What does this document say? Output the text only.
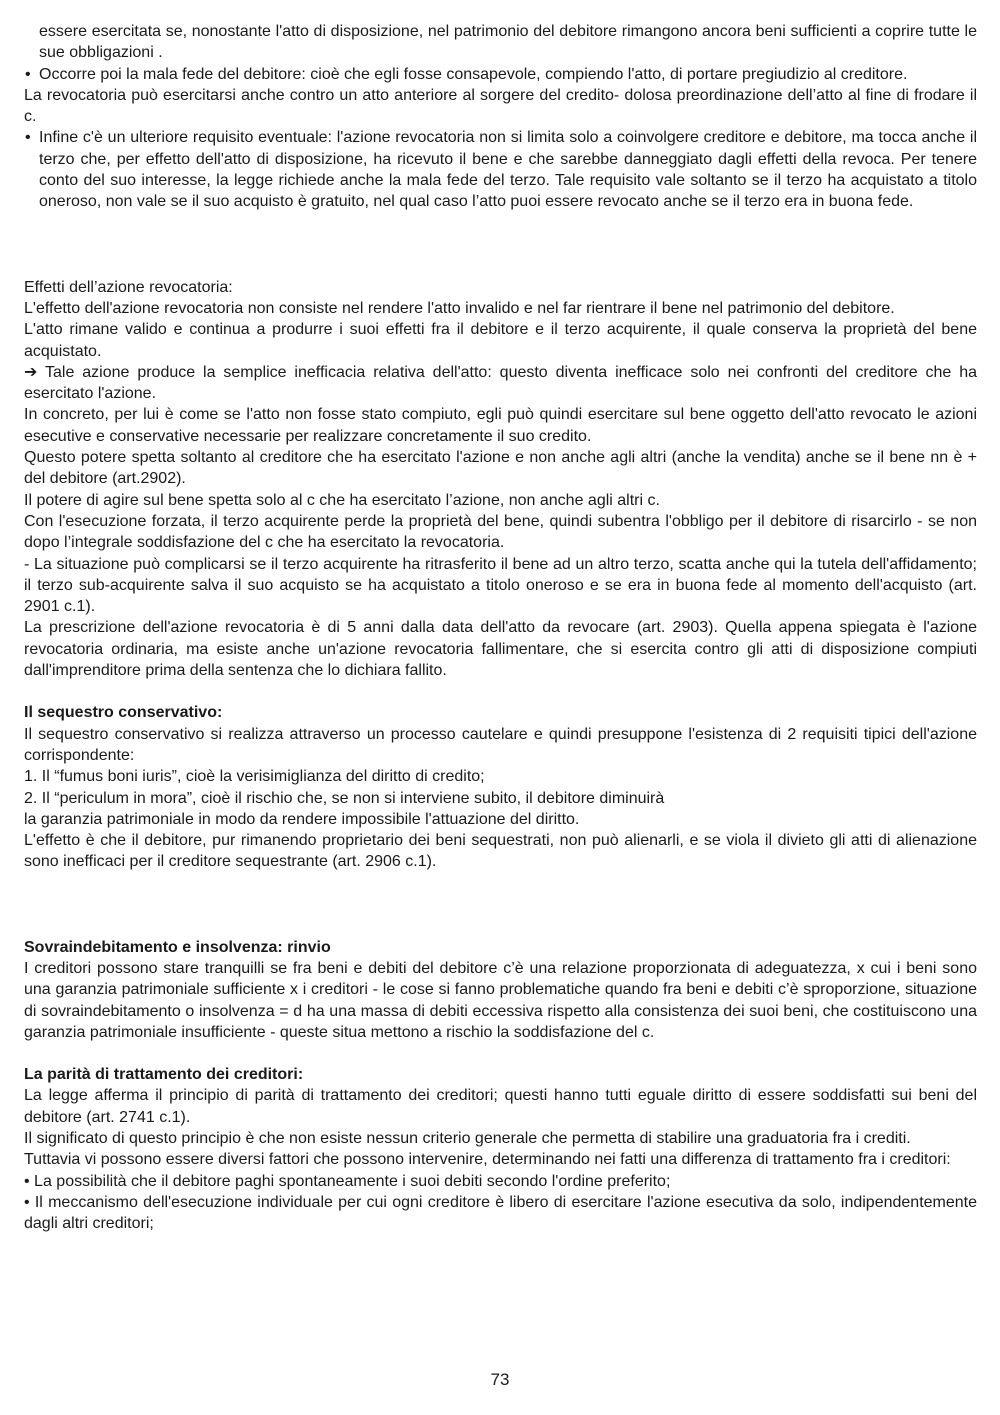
essere esercitata se, nonostante l'atto di disposizione, nel patrimonio del debitore rimangono ancora beni sufficienti a coprire tutte le sue obbligazioni .

• Occorre poi la mala fede del debitore: cioè che egli fosse consapevole, compiendo l'atto, di portare pregiudizio al creditore.

La revocatoria può esercitarsi anche contro un atto anteriore al sorgere del credito- dolosa preordinazione dell’atto al fine di frodare il c.

• Infine c'è un ulteriore requisito eventuale: l'azione revocatoria non si limita solo a coinvolgere creditore e debitore, ma tocca anche il terzo che, per effetto dell'atto di disposizione, ha ricevuto il bene e che sarebbe danneggiato dagli effetti della revoca. Per tenere conto del suo interesse, la legge richiede anche la mala fede del terzo. Tale requisito vale soltanto se il terzo ha acquistato a titolo oneroso, non vale se il suo acquisto è gratuito, nel qual caso l’atto puoi essere revocato anche se il terzo era in buona fede.

Effetti dell’azione revocatoria:

L'effetto dell'azione revocatoria non consiste nel rendere l'atto invalido e nel far rientrare il bene nel patrimonio del debitore.

L'atto rimane valido e continua a produrre i suoi effetti fra il debitore e il terzo acquirente, il quale conserva la proprietà del bene acquistato.

➔ Tale azione produce la semplice inefficacia relativa dell'atto: questo diventa inefficace solo nei confronti del creditore che ha esercitato l'azione.

In concreto, per lui è come se l'atto non fosse stato compiuto, egli può quindi esercitare sul bene oggetto dell'atto revocato le azioni esecutive e conservative necessarie per realizzare concretamente il suo credito.

Questo potere spetta soltanto al creditore che ha esercitato l'azione e non anche agli altri (anche la vendita) anche se il bene nn è + del debitore (art.2902).

Il potere di agire sul bene spetta solo al c che ha esercitato l’azione, non anche agli altri c.

Con l'esecuzione forzata, il terzo acquirente perde la proprietà del bene, quindi subentra l'obbligo per il debitore di risarcirlo - se non dopo l’integrale soddisfazione del c che ha esercitato la revocatoria.

- La situazione può complicarsi se il terzo acquirente ha ritrasferito il bene ad un altro terzo, scatta anche qui la tutela dell'affidamento; il terzo sub-acquirente salva il suo acquisto se ha acquistato a titolo oneroso e se era in buona fede al momento dell'acquisto (art. 2901 c.1).

La prescrizione dell'azione revocatoria è di 5 anni dalla data dell'atto da revocare (art. 2903). Quella appena spiegata è l'azione revocatoria ordinaria, ma esiste anche un'azione revocatoria fallimentare, che si esercita contro gli atti di disposizione compiuti dall'imprenditore prima della sentenza che lo dichiara fallito.

Il sequestro conservativo:

Il sequestro conservativo si realizza attraverso un processo cautelare e quindi presuppone l'esistenza di 2 requisiti tipici dell'azione corrispondente:

1. Il “fumus boni iuris”, cioè la verisimiglianza del diritto di credito;

2. Il “periculum in mora”, cioè il rischio che, se non si interviene subito, il debitore diminuirà

la garanzia patrimoniale in modo da rendere impossibile l'attuazione del diritto.

L'effetto è che il debitore, pur rimanendo proprietario dei beni sequestrati, non può alienarli, e se viola il divieto gli atti di alienazione sono inefficaci per il creditore sequestrante (art. 2906 c.1).

Sovraindebitamento e insolvenza: rinvio

I creditori possono stare tranquilli se fra beni e debiti del debitore c’è una relazione proporzionata di adeguatezza, x cui i beni sono una garanzia patrimoniale sufficiente x i creditori - le cose si fanno problematiche quando fra beni e debiti c’è sproporzione, situazione di sovraindebitamento o insolvenza = d ha una massa di debiti eccessiva rispetto alla consistenza dei suoi beni, che costituiscono una garanzia patrimoniale insufficiente - queste situa mettono a rischio la soddisfazione del c.

La parità di trattamento dei creditori:

La legge afferma il principio di parità di trattamento dei creditori; questi hanno tutti eguale diritto di essere soddisfatti sui beni del debitore (art. 2741 c.1).

Il significato di questo principio è che non esiste nessun criterio generale che permetta di stabilire una graduatoria fra i crediti.

Tuttavia vi possono essere diversi fattori che possono intervenire, determinando nei fatti una differenza di trattamento fra i creditori:

• La possibilità che il debitore paghi spontaneamente i suoi debiti secondo l'ordine preferito;

• Il meccanismo dell'esecuzione individuale per cui ogni creditore è libero di esercitare l'azione esecutiva da solo, indipendentemente dagli altri creditori;

73
